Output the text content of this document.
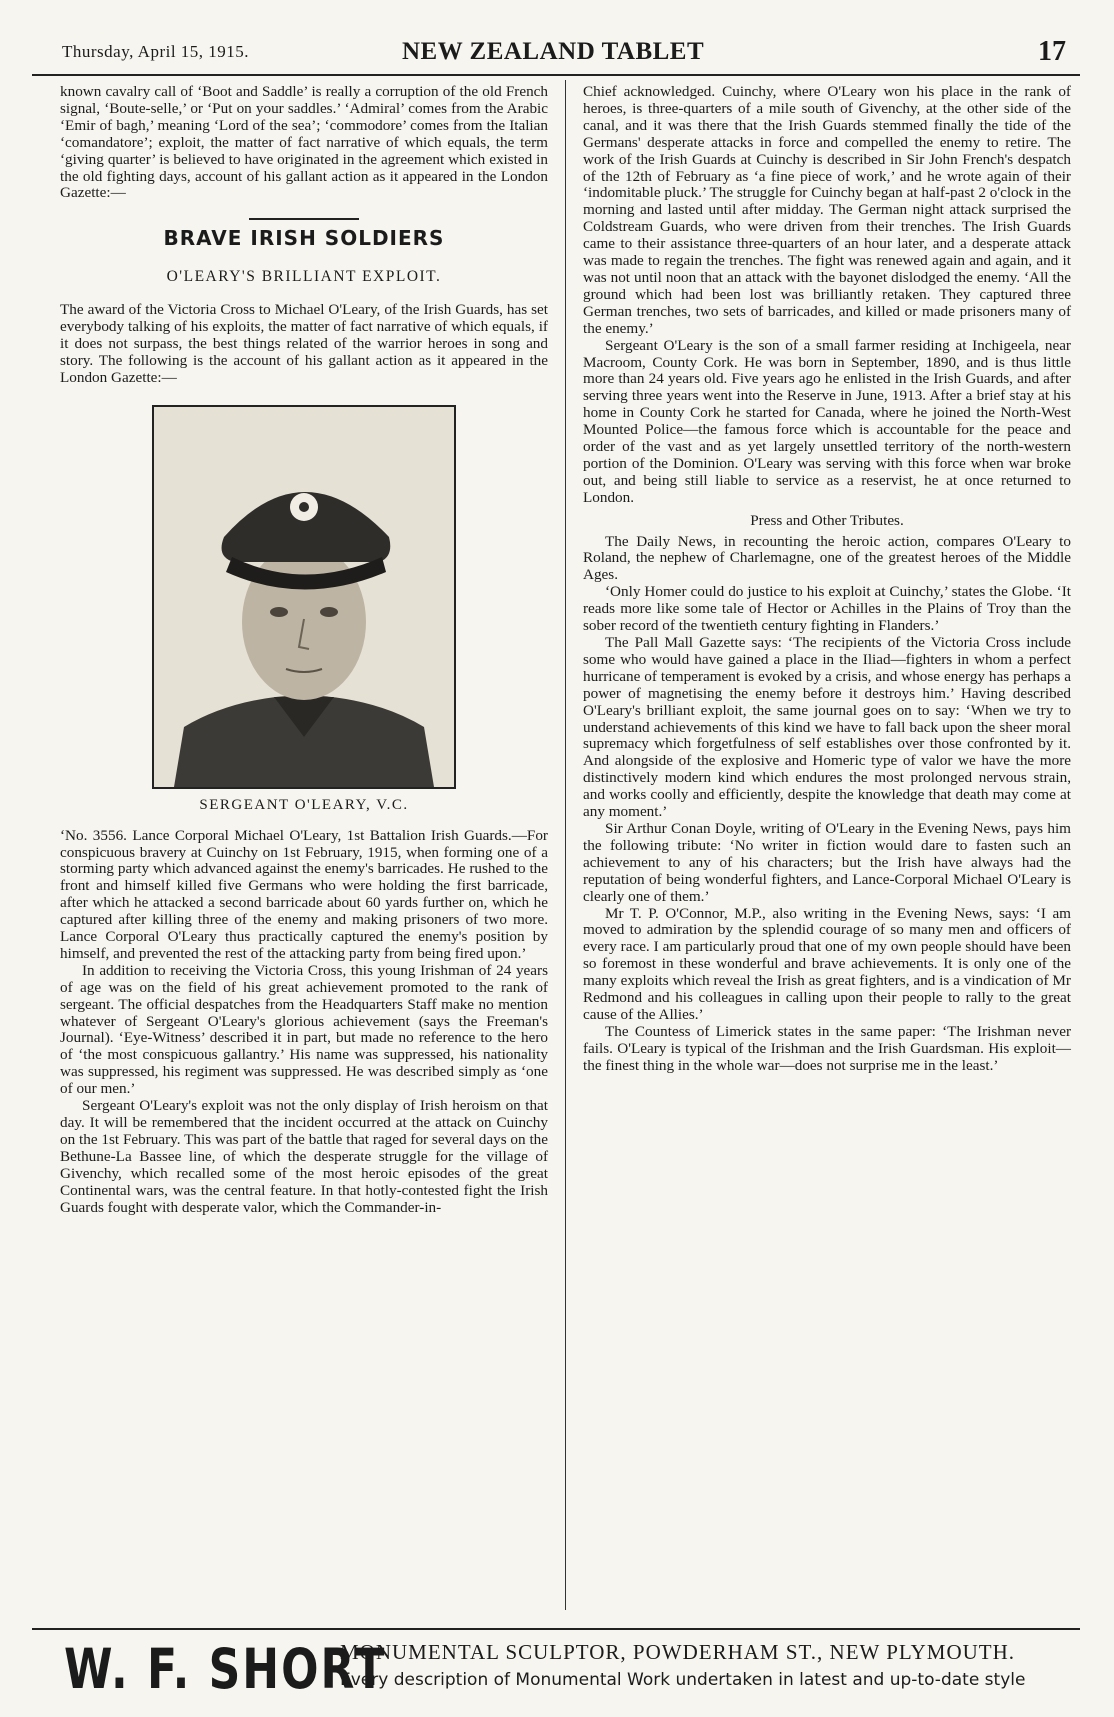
Thursday, April 15, 1915.	NEW ZEALAND TABLET	17

known cavalry call of ‘Boot and Saddle’ is really a corruption of the old French signal, ‘Boute-selle,’ or ‘Put on your saddles.’ ‘Admiral’ comes from the Arabic ‘Emir of bagh,’ meaning ‘Lord of the sea’; ‘commodore’ comes from the Italian ‘comandatore’; exploit, the matter of fact narrative of which equals, the term ‘giving quarter’ is believed to have originated in the agreement which existed in the old fighting days, account of his gallant action as it appeared in the London Gazette:—

BRAVE IRISH SOLDIERS
O'LEARY'S BRILLIANT EXPLOIT.

The award of the Victoria Cross to Michael O'Leary, of the Irish Guards, has set everybody talking of his exploits, the matter of fact narrative of which equals, if it does not surpass, the best things related of the warrior heroes in song and story. The following is the account of his gallant action as it appeared in the London Gazette:—

SERGEANT O'LEARY, V.C.

‘No. 3556. Lance Corporal Michael O'Leary, 1st Battalion Irish Guards.—For conspicuous bravery at Cuinchy on 1st February, 1915, when forming one of a storming party which advanced against the enemy's barricades. He rushed to the front and himself killed five Germans who were holding the first barricade, after which he attacked a second barricade about 60 yards further on, which he captured after killing three of the enemy and making prisoners of two more. Lance Corporal O'Leary thus practically captured the enemy's position by himself, and prevented the rest of the attacking party from being fired upon.’

In addition to receiving the Victoria Cross, this young Irishman of 24 years of age was on the field of his great achievement promoted to the rank of sergeant. The official despatches from the Headquarters Staff make no mention whatever of Sergeant O'Leary's glorious achievement (says the Freeman's Journal). ‘Eye-Witness’ described it in part, but made no reference to the hero of ‘the most conspicuous gallantry.’ His name was suppressed, his nationality was suppressed, his regiment was suppressed. He was described simply as ‘one of our men.’

Sergeant O'Leary's exploit was not the only display of Irish heroism on that day. It will be remembered that the incident occurred at the attack on Cuinchy on the 1st February. This was part of the battle that raged for several days on the Bethune-La Bassee line, of which the desperate struggle for the village of Givenchy, which recalled some of the most heroic episodes of the great Continental wars, was the central feature. In that hotly-contested fight the Irish Guards fought with desperate valor, which the Commander-in-

Chief acknowledged. Cuinchy, where O'Leary won his place in the rank of heroes, is three-quarters of a mile south of Givenchy, at the other side of the canal, and it was there that the Irish Guards stemmed finally the tide of the Germans' desperate attacks in force and compelled the enemy to retire. The work of the Irish Guards at Cuinchy is described in Sir John French's despatch of the 12th of February as ‘a fine piece of work,’ and he wrote again of their ‘indomitable pluck.’ The struggle for Cuinchy began at half-past 2 o'clock in the morning and lasted until after midday. The German night attack surprised the Coldstream Guards, who were driven from their trenches. The Irish Guards came to their assistance three-quarters of an hour later, and a desperate attack was made to regain the trenches. The fight was renewed again and again, and it was not until noon that an attack with the bayonet dislodged the enemy. ‘All the ground which had been lost was brilliantly retaken. They captured three German trenches, two sets of barricades, and killed or made prisoners many of the enemy.’

Sergeant O'Leary is the son of a small farmer residing at Inchigeela, near Macroom, County Cork. He was born in September, 1890, and is thus little more than 24 years old. Five years ago he enlisted in the Irish Guards, and after serving three years went into the Reserve in June, 1913. After a brief stay at his home in County Cork he started for Canada, where he joined the North-West Mounted Police—the famous force which is accountable for the peace and order of the vast and as yet largely unsettled territory of the north-western portion of the Dominion. O'Leary was serving with this force when war broke out, and being still liable to service as a reservist, he at once returned to London.

Press and Other Tributes.

The Daily News, in recounting the heroic action, compares O'Leary to Roland, the nephew of Charlemagne, one of the greatest heroes of the Middle Ages.

‘Only Homer could do justice to his exploit at Cuinchy,’ states the Globe. ‘It reads more like some tale of Hector or Achilles in the Plains of Troy than the sober record of the twentieth century fighting in Flanders.’

The Pall Mall Gazette says: ‘The recipients of the Victoria Cross include some who would have gained a place in the Iliad—fighters in whom a perfect hurricane of temperament is evoked by a crisis, and whose energy has perhaps a power of magnetising the enemy before it destroys him.’ Having described O'Leary's brilliant exploit, the same journal goes on to say: ‘When we try to understand achievements of this kind we have to fall back upon the sheer moral supremacy which forgetfulness of self establishes over those confronted by it. And alongside of the explosive and Homeric type of valor we have the more distinctively modern kind which endures the most prolonged nervous strain, and works coolly and efficiently, despite the knowledge that death may come at any moment.’

Sir Arthur Conan Doyle, writing of O'Leary in the Evening News, pays him the following tribute: ‘No writer in fiction would dare to fasten such an achievement to any of his characters; but the Irish have always had the reputation of being wonderful fighters, and Lance-Corporal Michael O'Leary is clearly one of them.’

Mr T. P. O'Connor, M.P., also writing in the Evening News, says: ‘I am moved to admiration by the splendid courage of so many men and officers of every race. I am particularly proud that one of my own people should have been so foremost in these wonderful and brave achievements. It is only one of the many exploits which reveal the Irish as great fighters, and is a vindication of Mr Redmond and his colleagues in calling upon their people to rally to the great cause of the Allies.’

The Countess of Limerick states in the same paper: ‘The Irishman never fails. O'Leary is typical of the Irishman and the Irish Guardsman. His exploit—the finest thing in the whole war—does not surprise me in the least.’

W. F. SHORT
MONUMENTAL SCULPTOR, POWDERHAM ST., NEW PLYMOUTH.
Every description of Monumental Work undertaken in latest and up-to-date style
